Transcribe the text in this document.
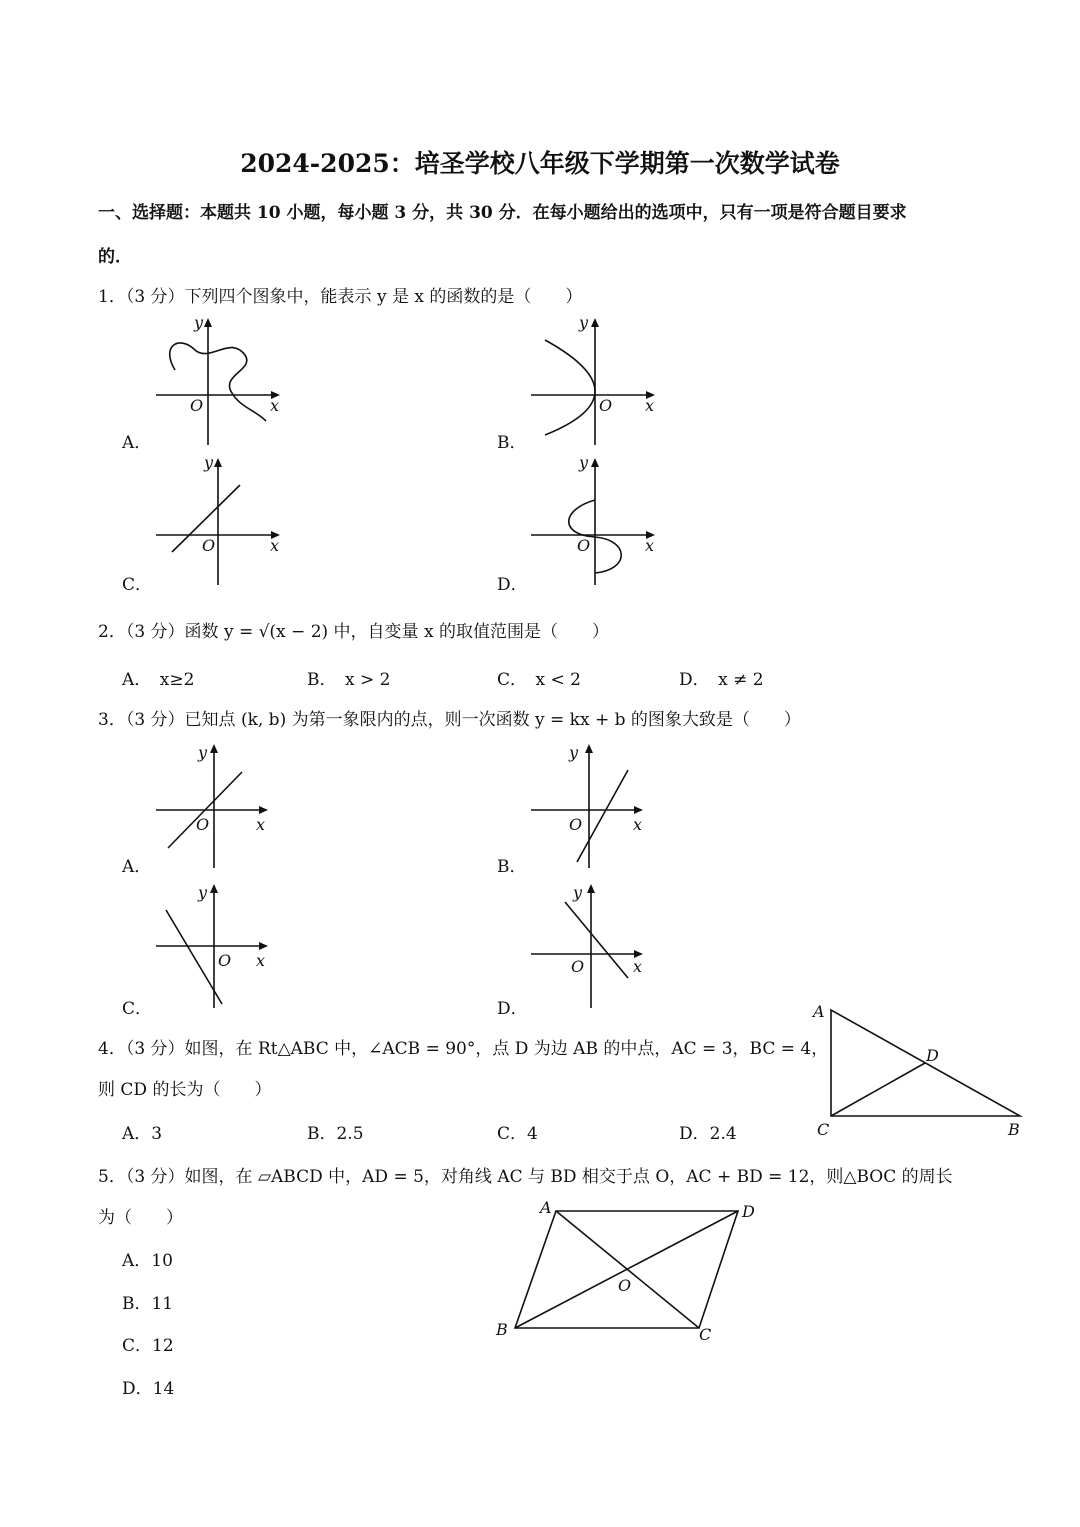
2024-2025：培圣学校八年级下学期第一次数学试卷
一、选择题：本题共 10 小题，每小题 3 分，共 30 分．在每小题给出的选项中，只有一项是符合题目要求
的．
1．（3 分）下列四个图象中，能表示 y 是 x 的函数的是（　　）
A．	B．
C．	D．
y
x
O
y
x
O
y
x
O
y
x
O
2．（3 分）函数 y = √(x − 2) 中，自变量 x 的取值范围是（　　）
A．　x≥2	B．　x > 2	C．　x < 2	D．　x ≠ 2
3．（3 分）已知点 (k, b) 为第一象限内的点，则一次函数 y = kx + b 的图象大致是（　　）
A．	B．
C．	D．
y
x
O
y
x
O
y
x
O
y
x
O
4．（3 分）如图，在 Rt△ABC 中，∠ACB = 90°，点 D 为边 AB 的中点，AC = 3，BC = 4，
则 CD 的长为（　　）
A．3	B．2.5	C．4	D．2.4
A
D
C	B
5．（3 分）如图，在 ▱ABCD 中，AD = 5，对角线 AC 与 BD 相交于点 O，AC + BD = 12，则△BOC 的周长
为（　　）
A．10
B．11
C．12
D．14
A	D
B	C
O
